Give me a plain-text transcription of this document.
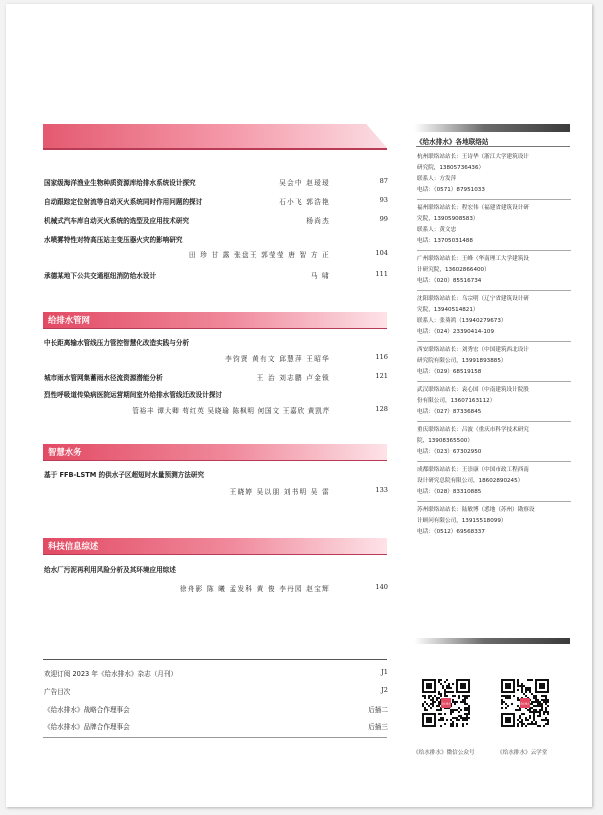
国家级海洋渔业生物种质资源库给排水系统设计探究	吴会中 赵瑷瑷	87
自动跟踪定位射流等自动灭火系统同时作用问题的探讨	石小飞 郭浩艳	93
机械式汽车库自动灭火系统的选型及应用技术研究	杨尚杰	99
水喷雾特性对特高压站主变压器火灾的影响研究
田 珍 甘 露 张盘王 郭莹莹 唐 智 方 正	104
承德某地下公共交通枢纽消防给水设计	马 啸	111
给排水管网
中长距离输水管线压力管控智慧化改造实践与分析
李钧贤 黄有文 邱慧萍 王昭华	116
城市雨水管网集蓄雨水径流资源潜能分析	王 治 刘志鹏 卢金锁	121
烈性呼吸道传染病医院运营期间室外给排水管线迁改设计探讨
管裕丰 谭大卿 苟红英 吴晓瑜 陈枫明 何国文 王嘉欣 黄凯芹	128
智慧水务
基于 FFB-LSTM 的供水子区超短时水量预测方法研究
王晓婷 吴以朋 刘书明 吴 雷	133
科技信息综述
给水厂污泥再利用风险分析及其环境应用综述
徐舟影 陈 曦 孟发科 黄 俊 李丹园 赵宝辉	140
欢迎订阅 2023 年《给水排水》杂志（月刊）	J1
广告目次	J2
《给水排水》战略合作理事会	后插二
《给水排水》品牌合作理事会	后插三
《给水排水》各地联络站
杭州联络站站长：王诗华（浙江大学建筑设计
研究院，13805736436）
联系人：方发萍
电话：（0571）87951033
福州联络站站长：程宏伟（福建省建筑设计研
究院，13905908583）
联系人：黄文忠
电话：13705031488
广州联络站站长：王峰（华南理工大学建筑设
计研究院，13602866400）
电话：（020）85516734
沈阳联络站站长：乌宗明（辽宁省建筑设计研
究院，13940514821）
联系人：张葵鸿（13940279673）
电话：（024）23390414-109
西安联络站站长：刘秀宏（中国建筑西北设计
研究院有限公司，13991893885）
电话：（029）68519158
武汉联络站站长：袁心国（中南建筑设计院股
份有限公司，13607163112）
电话：（027）87336845
重庆联络站站长：吕波（重庆市科学技术研究
院，13908365500）
电话：（023）67302950
成都联络站站长：王崇康（中国市政工程西南
设计研究总院有限公司，18602890245）
电话：（028）83310885
苏州联络站站长：陆敏博（悉地（苏州）勘察设
计顾问有限公司，13915518099）
电话：（0512）69568337
给水排水	给水排水
《给水排水》微信公众号	《给水排水》云学堂
